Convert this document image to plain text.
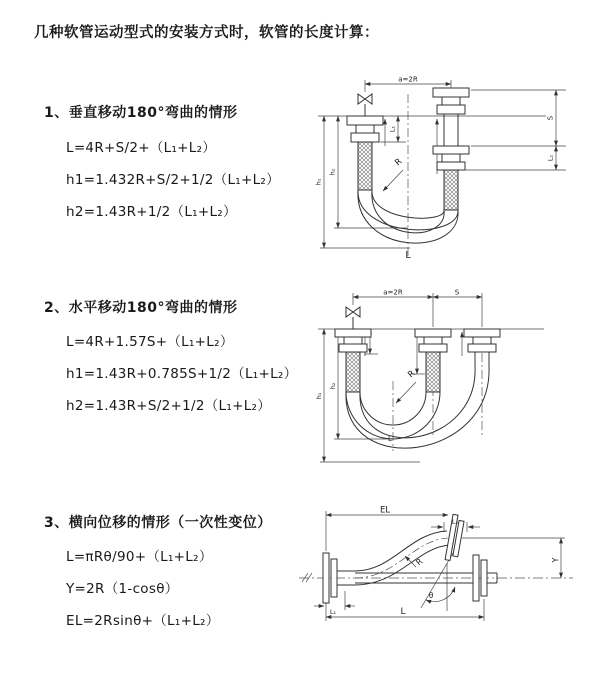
几种软管运动型式的安装方式时，软管的长度计算：
1、垂直移动180°弯曲的情形
L=4R+S/2+（L₁+L₂）
h1=1.432R+S/2+1/2（L₁+L₂）
h2=1.43R+1/2（L₁+L₂）
a=2R
h₁
h₂
L₁
S
L₂
R
L
2、水平移动180°弯曲的情形
L=4R+1.57S+（L₁+L₂）
h1=1.43R+0.785S+1/2（L₁+L₂）
h2=1.43R+S/2+1/2（L₁+L₂）
a=2R	S
h₁
h₂
R
L
3、横向位移的情形（一次性变位）
L=πRθ/90+（L₁+L₂）
Y=2R（1-cosθ）
EL=2Rsinθ+（L₁+L₂）
EL
L₂
Y
R
θ
L
L₁
